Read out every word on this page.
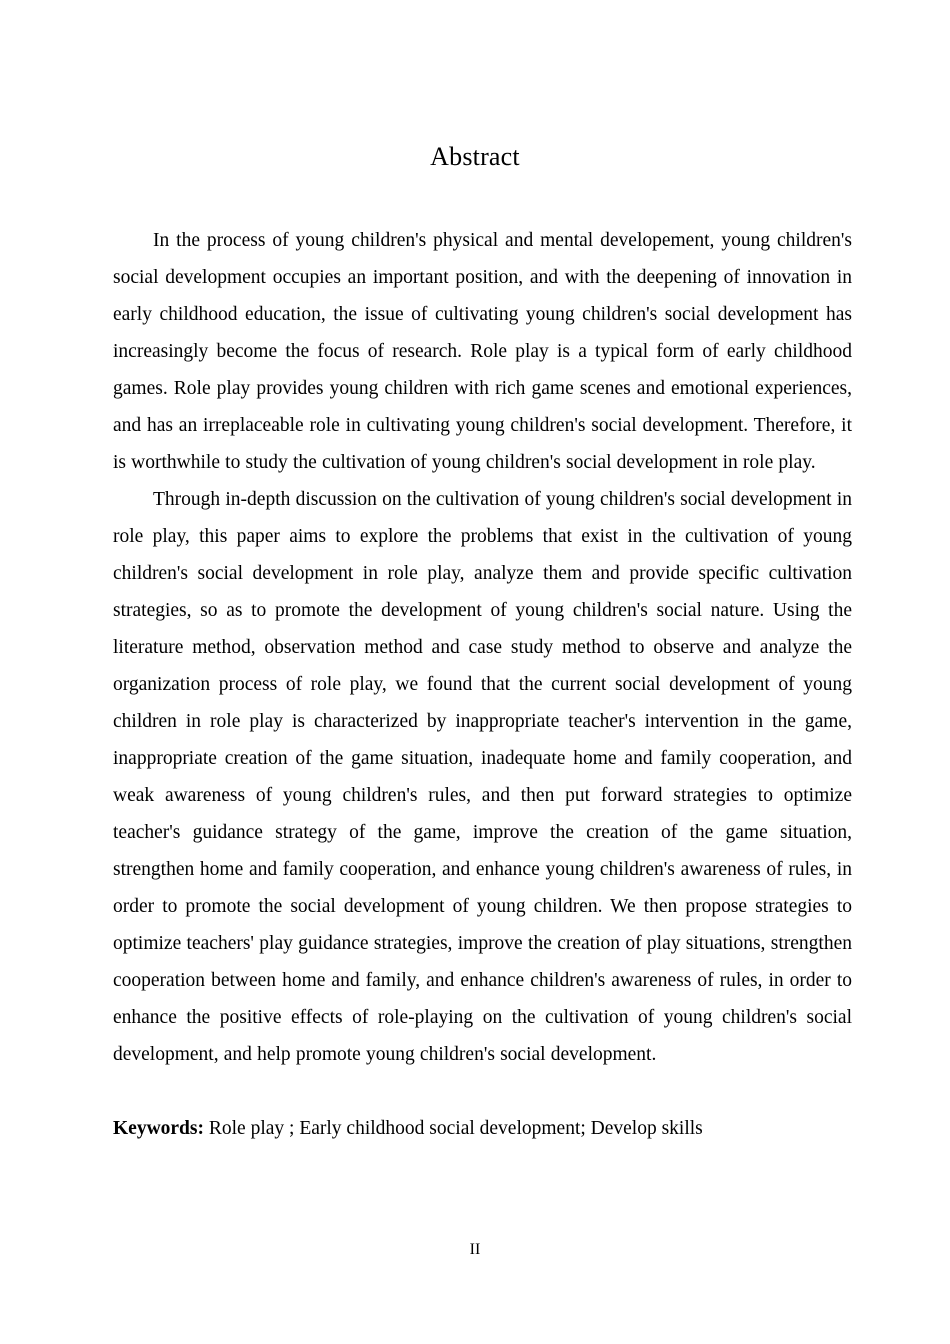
Abstract

In the process of young children's physical and mental developement, young children's social development occupies an important position, and with the deepening of innovation in early childhood education, the issue of cultivating young children's social development has increasingly become the focus of research. Role play is a typical form of early childhood games. Role play provides young children with rich game scenes and emotional experiences, and has an irreplaceable role in cultivating young children's social development. Therefore, it is worthwhile to study the cultivation of young children's social development in role play.

Through in-depth discussion on the cultivation of young children's social development in role play, this paper aims to explore the problems that exist in the cultivation of young children's social development in role play, analyze them and provide specific cultivation strategies, so as to promote the development of young children's social nature. Using the literature method, observation method and case study method to observe and analyze the organization process of role play, we found that the current social development of young children in role play is characterized by inappropriate teacher's intervention in the game, inappropriate creation of the game situation, inadequate home and family cooperation, and weak awareness of young children's rules, and then put forward strategies to optimize teacher's guidance strategy of the game, improve the creation of the game situation, strengthen home and family cooperation, and enhance young children's awareness of rules, in order to promote the social development of young children. We then propose strategies to optimize teachers' play guidance strategies, improve the creation of play situations, strengthen cooperation between home and family, and enhance children's awareness of rules, in order to enhance the positive effects of role-playing on the cultivation of young children's social development, and help promote young children's social development.

Keywords: Role play ; Early childhood social development; Develop skills

II
